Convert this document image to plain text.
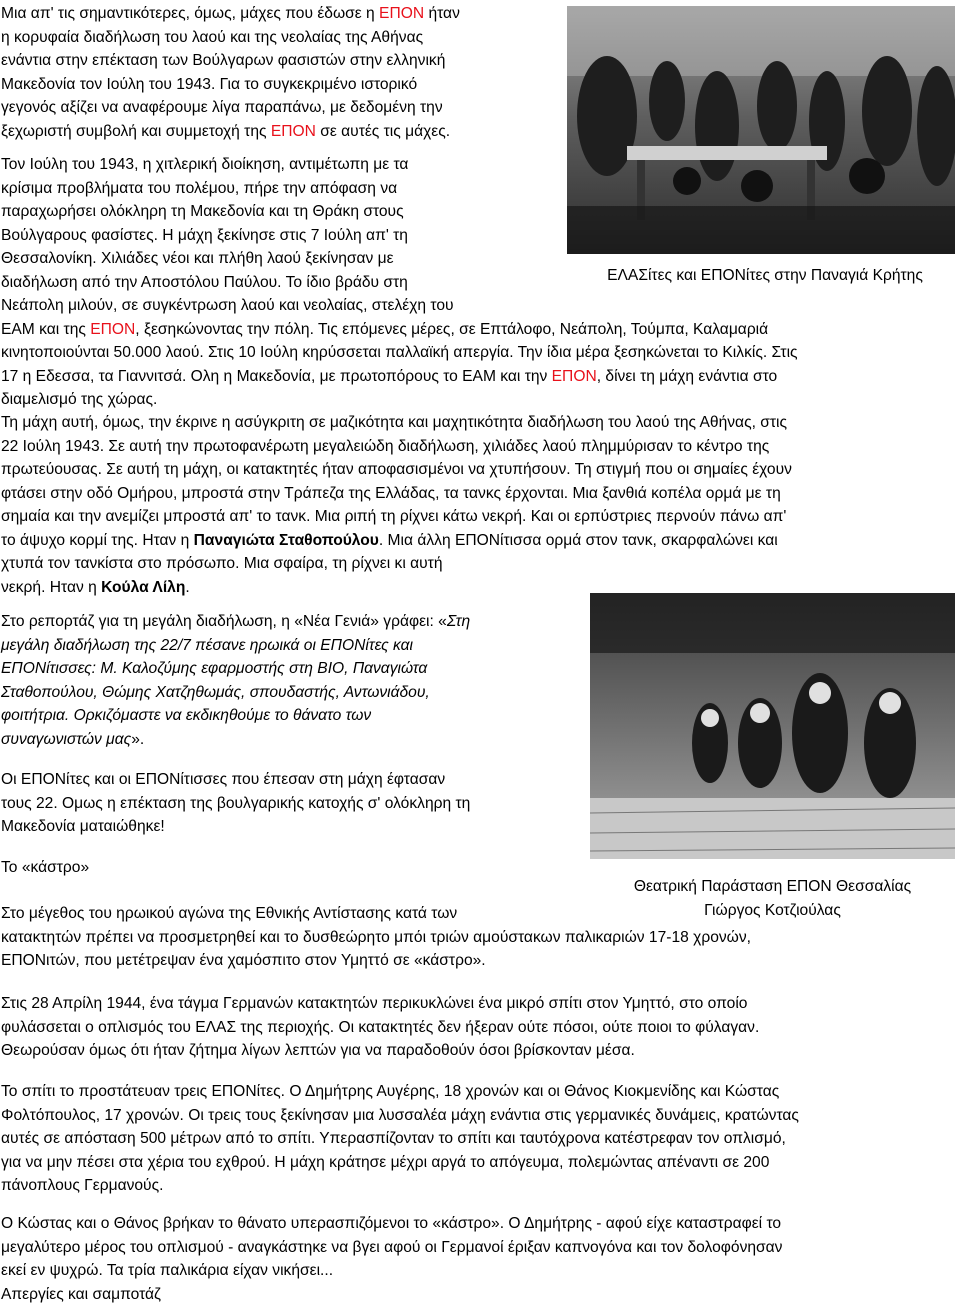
Μια απ' τις σημαντικότερες, όμως, μάχες που έδωσε η ΕΠΟΝ ήταν

η κορυφαία διαδήλωση του λαού και της νεολαίας της Αθήνας

ενάντια στην επέκταση των Βούλγαρων φασιστών στην ελληνική

Μακεδονία τον Ιούλη του 1943. Για το συγκεκριμένο ιστορικό

γεγονός αξίζει να αναφέρουμε λίγα παραπάνω, με δεδομένη την

ξεχωριστή συμβολή και συμμετοχή της ΕΠΟΝ σε αυτές τις μάχες.

Τον Ιούλη του 1943, η χιτλερική διοίκηση, αντιμέτωπη με τα

κρίσιμα προβλήματα του πολέμου, πήρε την απόφαση να

παραχωρήσει ολόκληρη τη Μακεδονία και τη Θράκη στους

Βούλγαρους φασίστες. Η μάχη ξεκίνησε στις 7 Ιούλη απ' τη

Θεσσαλονίκη. Χιλιάδες νέοι και πλήθη λαού ξεκίνησαν με

διαδήλωση από την Αποστόλου Παύλου. Το ίδιο βράδυ στη

Νεάπολη μιλούν, σε συγκέντρωση λαού και νεολαίας, στελέχη του

ΕΑΜ και της ΕΠΟΝ, ξεσηκώνοντας την πόλη. Τις επόμενες μέρες, σε Επτάλοφο, Νεάπολη, Τούμπα, Καλαμαριά

κινητοποιούνται 50.000 λαού. Στις 10 Ιούλη κηρύσσεται παλλαϊκή απεργία. Την ίδια μέρα ξεσηκώνεται το Κιλκίς. Στις

17 η Εδεσσα, τα Γιαννιτσά. Ολη η Μακεδονία, με πρωτοπόρους το ΕΑΜ και την ΕΠΟΝ, δίνει τη μάχη ενάντια στο

διαμελισμό της χώρας.

ΕΛΑΣίτες και ΕΠΟΝίτες στην Παναγιά Κρήτης

Τη μάχη αυτή, όμως, την έκρινε η ασύγκριτη σε μαζικότητα και μαχητικότητα διαδήλωση του λαού της Αθήνας, στις

22 Ιούλη 1943. Σε αυτή την πρωτοφανέρωτη μεγαλειώδη διαδήλωση, χιλιάδες λαού πλημμύρισαν το κέντρο της

πρωτεύουσας. Σε αυτή τη μάχη, οι κατακτητές ήταν αποφασισμένοι να χτυπήσουν. Τη στιγμή που οι σημαίες έχουν

φτάσει στην οδό Ομήρου, μπροστά στην Τράπεζα της Ελλάδας, τα τανκς έρχονται. Μια ξανθιά κοπέλα ορμά με τη

σημαία και την ανεμίζει μπροστά απ' το τανκ. Μια ριπή τη ρίχνει κάτω νεκρή. Και οι ερπύστριες περνούν πάνω απ'

το άψυχο κορμί της. Ηταν η Παναγιώτα Σταθοπούλου. Μια άλλη ΕΠΟΝίτισσα ορμά στον τανκ, σκαρφαλώνει και

χτυπά τον τανκίστα στο πρόσωπο. Μια σφαίρα, τη ρίχνει κι αυτή

νεκρή. Ηταν η Κούλα Λίλη.

Στο ρεπορτάζ για τη μεγάλη διαδήλωση, η «Νέα Γενιά» γράφει: «Στη

μεγάλη διαδήλωση της 22/7 πέσανε ηρωικά οι ΕΠΟΝίτες και

ΕΠΟΝίτισσες: Μ. Καλοζύμης εφαρμοστής στη ΒΙΟ, Παναγιώτα

Σταθοπούλου, Θώμης Χατζηθωμάς, σπουδαστής, Αντωνιάδου,

φοιτήτρια. Ορκιζόμαστε να εκδικηθούμε το θάνατο των

συναγωνιστών μας».

Οι ΕΠΟΝίτες και οι ΕΠΟΝίτισσες που έπεσαν στη μάχη έφτασαν

τους 22. Ομως η επέκταση της βουλγαρικής κατοχής σ' ολόκληρη τη

Μακεδονία ματαιώθηκε!

Το «κάστρο»

Θεατρική Παράσταση ΕΠΟΝ Θεσσαλίας

Γιώργος Κοτζιούλας

Στο μέγεθος του ηρωικού αγώνα της Εθνικής Αντίστασης κατά των

κατακτητών πρέπει να προσμετρηθεί και το δυσθεώρητο μπόι τριών αμούστακων παλικαριών 17-18 χρονών,

ΕΠΟΝιτών, που μετέτρεψαν ένα χαμόσπιτο στον Υμηττό σε «κάστρο».

Στις 28 Απρίλη 1944, ένα τάγμα Γερμανών κατακτητών περικυκλώνει ένα μικρό σπίτι στον Υμηττό, στο οποίο

φυλάσσεται ο οπλισμός του ΕΛΑΣ της περιοχής. Οι κατακτητές δεν ήξεραν ούτε πόσοι, ούτε ποιοι το φύλαγαν.

Θεωρούσαν όμως ότι ήταν ζήτημα λίγων λεπτών για να παραδοθούν όσοι βρίσκονταν μέσα.

Το σπίτι το προστάτευαν τρεις ΕΠΟΝίτες. Ο Δημήτρης Αυγέρης, 18 χρονών και οι Θάνος Κιοκμενίδης και Κώστας

Φολτόπουλος, 17 χρονών. Οι τρεις τους ξεκίνησαν μια λυσσαλέα μάχη ενάντια στις γερμανικές δυνάμεις, κρατώντας

αυτές σε απόσταση 500 μέτρων από το σπίτι. Υπερασπίζονταν το σπίτι και ταυτόχρονα κατέστρεφαν τον οπλισμό,

για να μην πέσει στα χέρια του εχθρού. Η μάχη κράτησε μέχρι αργά το απόγευμα, πολεμώντας απέναντι σε 200

πάνοπλους Γερμανούς.

Ο Κώστας και ο Θάνος βρήκαν το θάνατο υπερασπιζόμενοι το «κάστρο». Ο Δημήτρης - αφού είχε καταστραφεί το

μεγαλύτερο μέρος του οπλισμού - αναγκάστηκε να βγει αφού οι Γερμανοί έριξαν καπνογόνα και τον δολοφόνησαν

εκεί εν ψυχρώ. Τα τρία παλικάρια είχαν νικήσει...

Απεργίες και σαμποτάζ
